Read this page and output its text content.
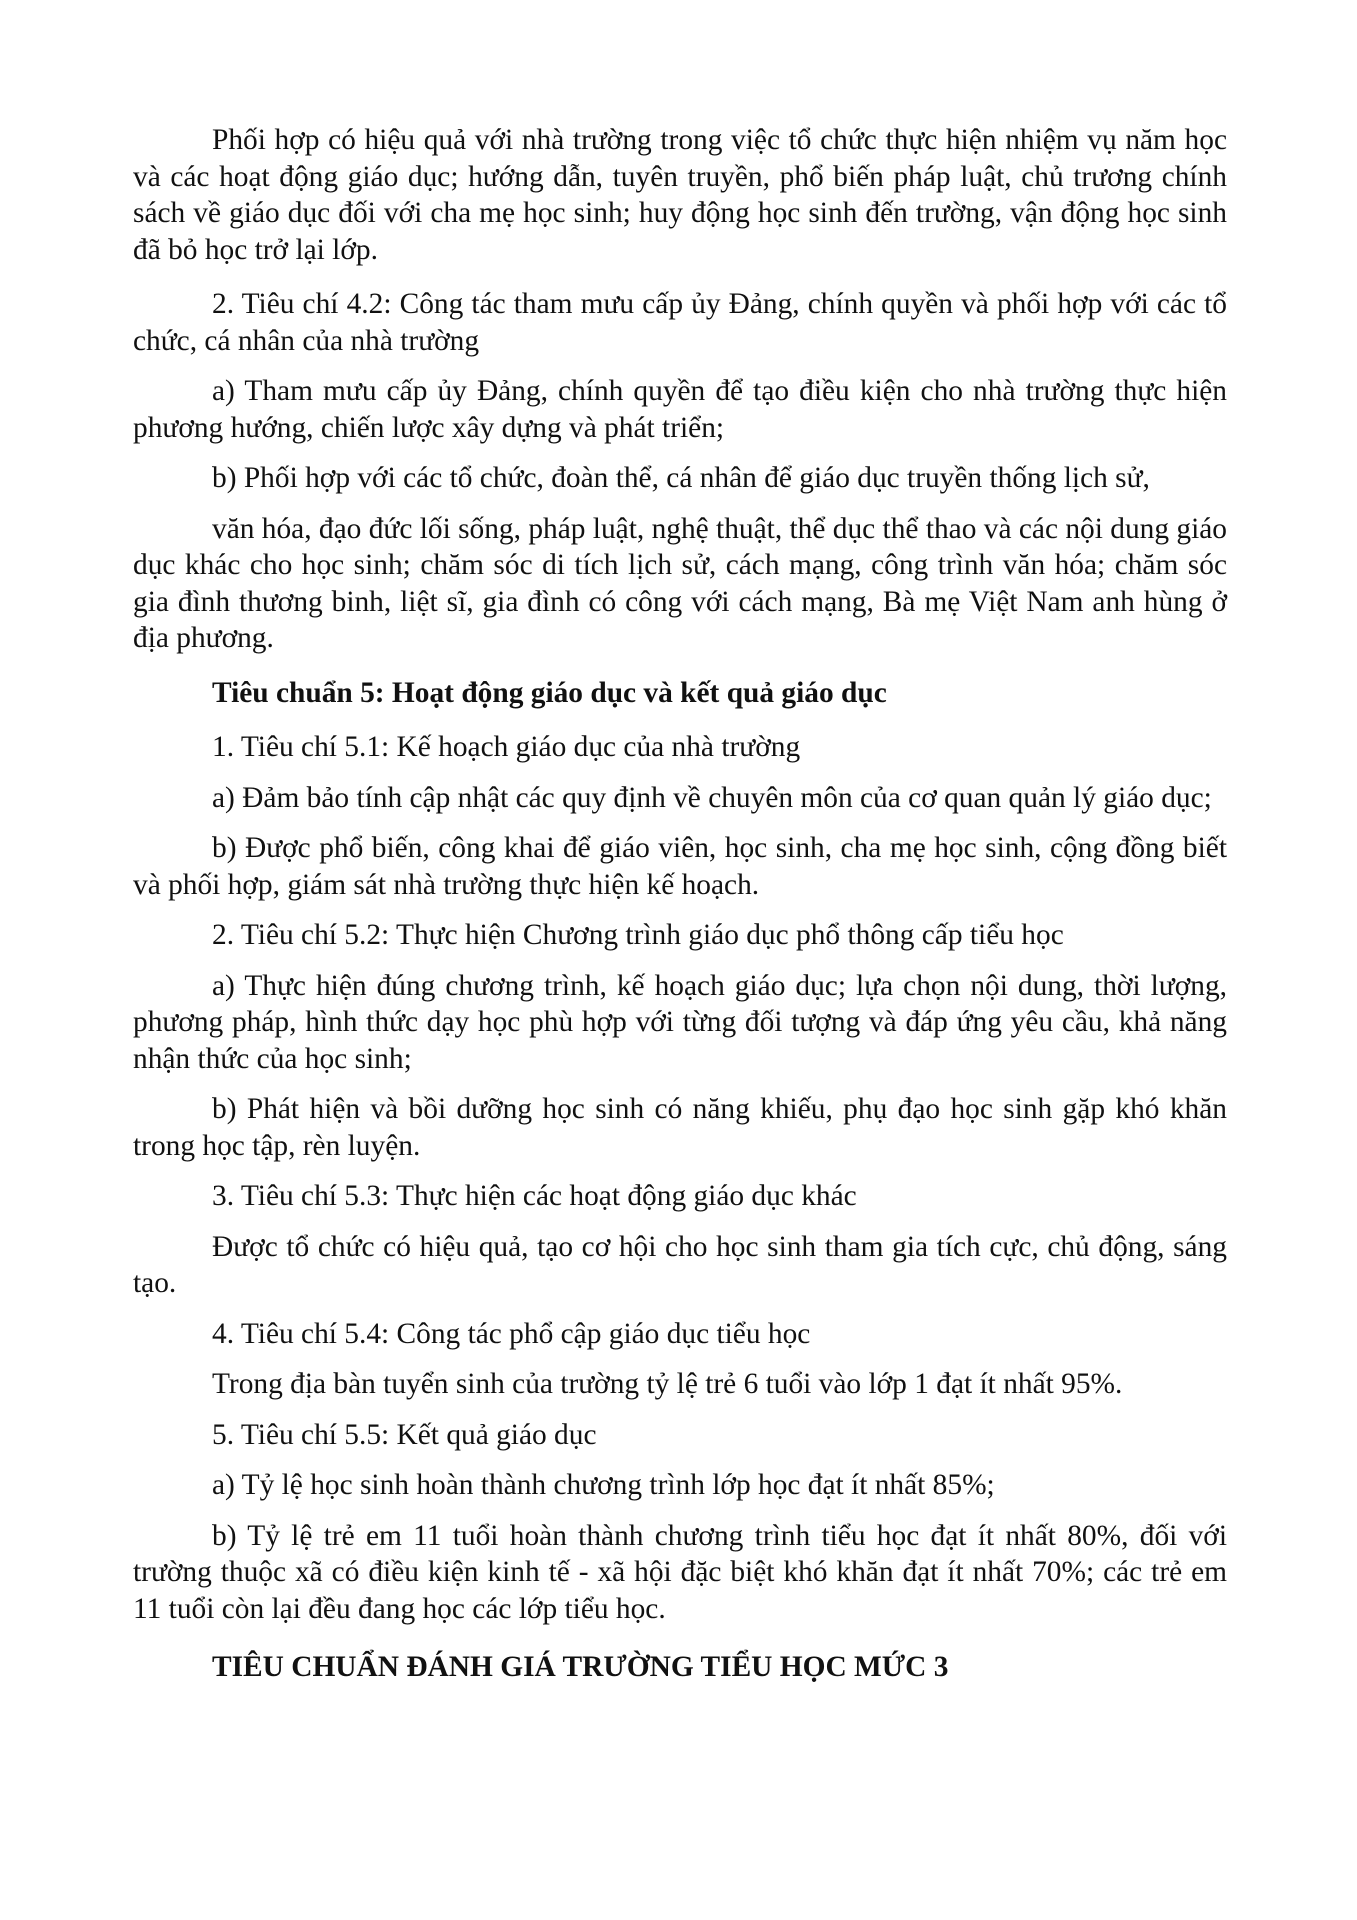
Phối hợp có hiệu quả với nhà trường trong việc tổ chức thực hiện nhiệm vụ năm học và các hoạt động giáo dục; hướng dẫn, tuyên truyền, phổ biến pháp luật, chủ trương chính sách về giáo dục đối với cha mẹ học sinh; huy động học sinh đến trường, vận động học sinh đã bỏ học trở lại lớp.

2. Tiêu chí 4.2: Công tác tham mưu cấp ủy Đảng, chính quyền và phối hợp với các tổ chức, cá nhân của nhà trường

a) Tham mưu cấp ủy Đảng, chính quyền để tạo điều kiện cho nhà trường thực hiện phương hướng, chiến lược xây dựng và phát triển;

b) Phối hợp với các tổ chức, đoàn thể, cá nhân để giáo dục truyền thống lịch sử,

văn hóa, đạo đức lối sống, pháp luật, nghệ thuật, thể dục thể thao và các nội dung giáo dục khác cho học sinh; chăm sóc di tích lịch sử, cách mạng, công trình văn hóa; chăm sóc gia đình thương binh, liệt sĩ, gia đình có công với cách mạng, Bà mẹ Việt Nam anh hùng ở địa phương.

Tiêu chuẩn 5: Hoạt động giáo dục và kết quả giáo dục

1. Tiêu chí 5.1: Kế hoạch giáo dục của nhà trường

a) Đảm bảo tính cập nhật các quy định về chuyên môn của cơ quan quản lý giáo dục;

b) Được phổ biến, công khai để giáo viên, học sinh, cha mẹ học sinh, cộng đồng biết và phối hợp, giám sát nhà trường thực hiện kế hoạch.

2. Tiêu chí 5.2: Thực hiện Chương trình giáo dục phổ thông cấp tiểu học

a) Thực hiện đúng chương trình, kế hoạch giáo dục; lựa chọn nội dung, thời lượng, phương pháp, hình thức dạy học phù hợp với từng đối tượng và đáp ứng yêu cầu, khả năng nhận thức của học sinh;

b) Phát hiện và bồi dưỡng học sinh có năng khiếu, phụ đạo học sinh gặp khó khăn trong học tập, rèn luyện.

3. Tiêu chí 5.3: Thực hiện các hoạt động giáo dục khác

Được tổ chức có hiệu quả, tạo cơ hội cho học sinh tham gia tích cực, chủ động, sáng tạo.

4. Tiêu chí 5.4: Công tác phổ cập giáo dục tiểu học

Trong địa bàn tuyển sinh của trường tỷ lệ trẻ 6 tuổi vào lớp 1 đạt ít nhất 95%.

5. Tiêu chí 5.5: Kết quả giáo dục

a) Tỷ lệ học sinh hoàn thành chương trình lớp học đạt ít nhất 85%;

b) Tỷ lệ trẻ em 11 tuổi hoàn thành chương trình tiểu học đạt ít nhất 80%, đối với trường thuộc xã có điều kiện kinh tế - xã hội đặc biệt khó khăn đạt ít nhất 70%; các trẻ em 11 tuổi còn lại đều đang học các lớp tiểu học.

TIÊU CHUẨN ĐÁNH GIÁ TRƯỜNG TIỂU HỌC MỨC 3
